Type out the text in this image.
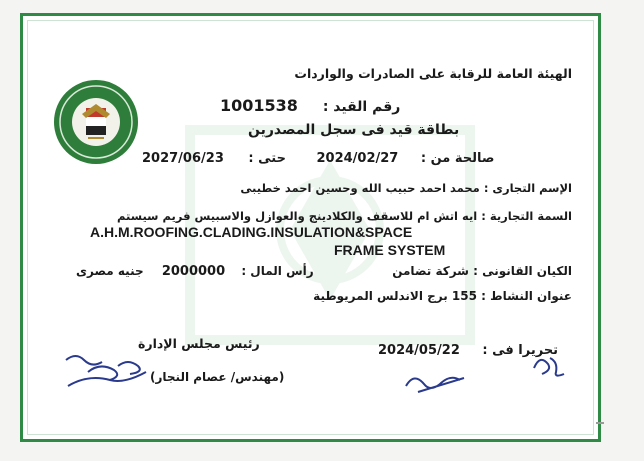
الهيئة العامة للرقابة على الصادرات والواردات
1001538 رقم القيد :
بطاقة قيد فى سجل المصدرين
2027/06/23 حتى : 2024/02/27 صالحة من :
الإسم التجارى : محمد احمد حبيب الله وحسين احمد خطيبى
السمة التجارية : ايه اتش ام للاسقف والكلادينج والعوازل والاسبيس فريم سيستم
A.H.M.ROOFING.CLADING.INSULATION&SPACE
FRAME SYSTEM
الكيان القانونى : شركة تضامن
جنيه مصرى 2000000 رأس المال :
عنوان النشاط : 155 برج الاندلس المريوطية
2024/05/22 تحريرا فى :
رئيس مجلس الإدارة
(مهندس/ عصام النجار)
